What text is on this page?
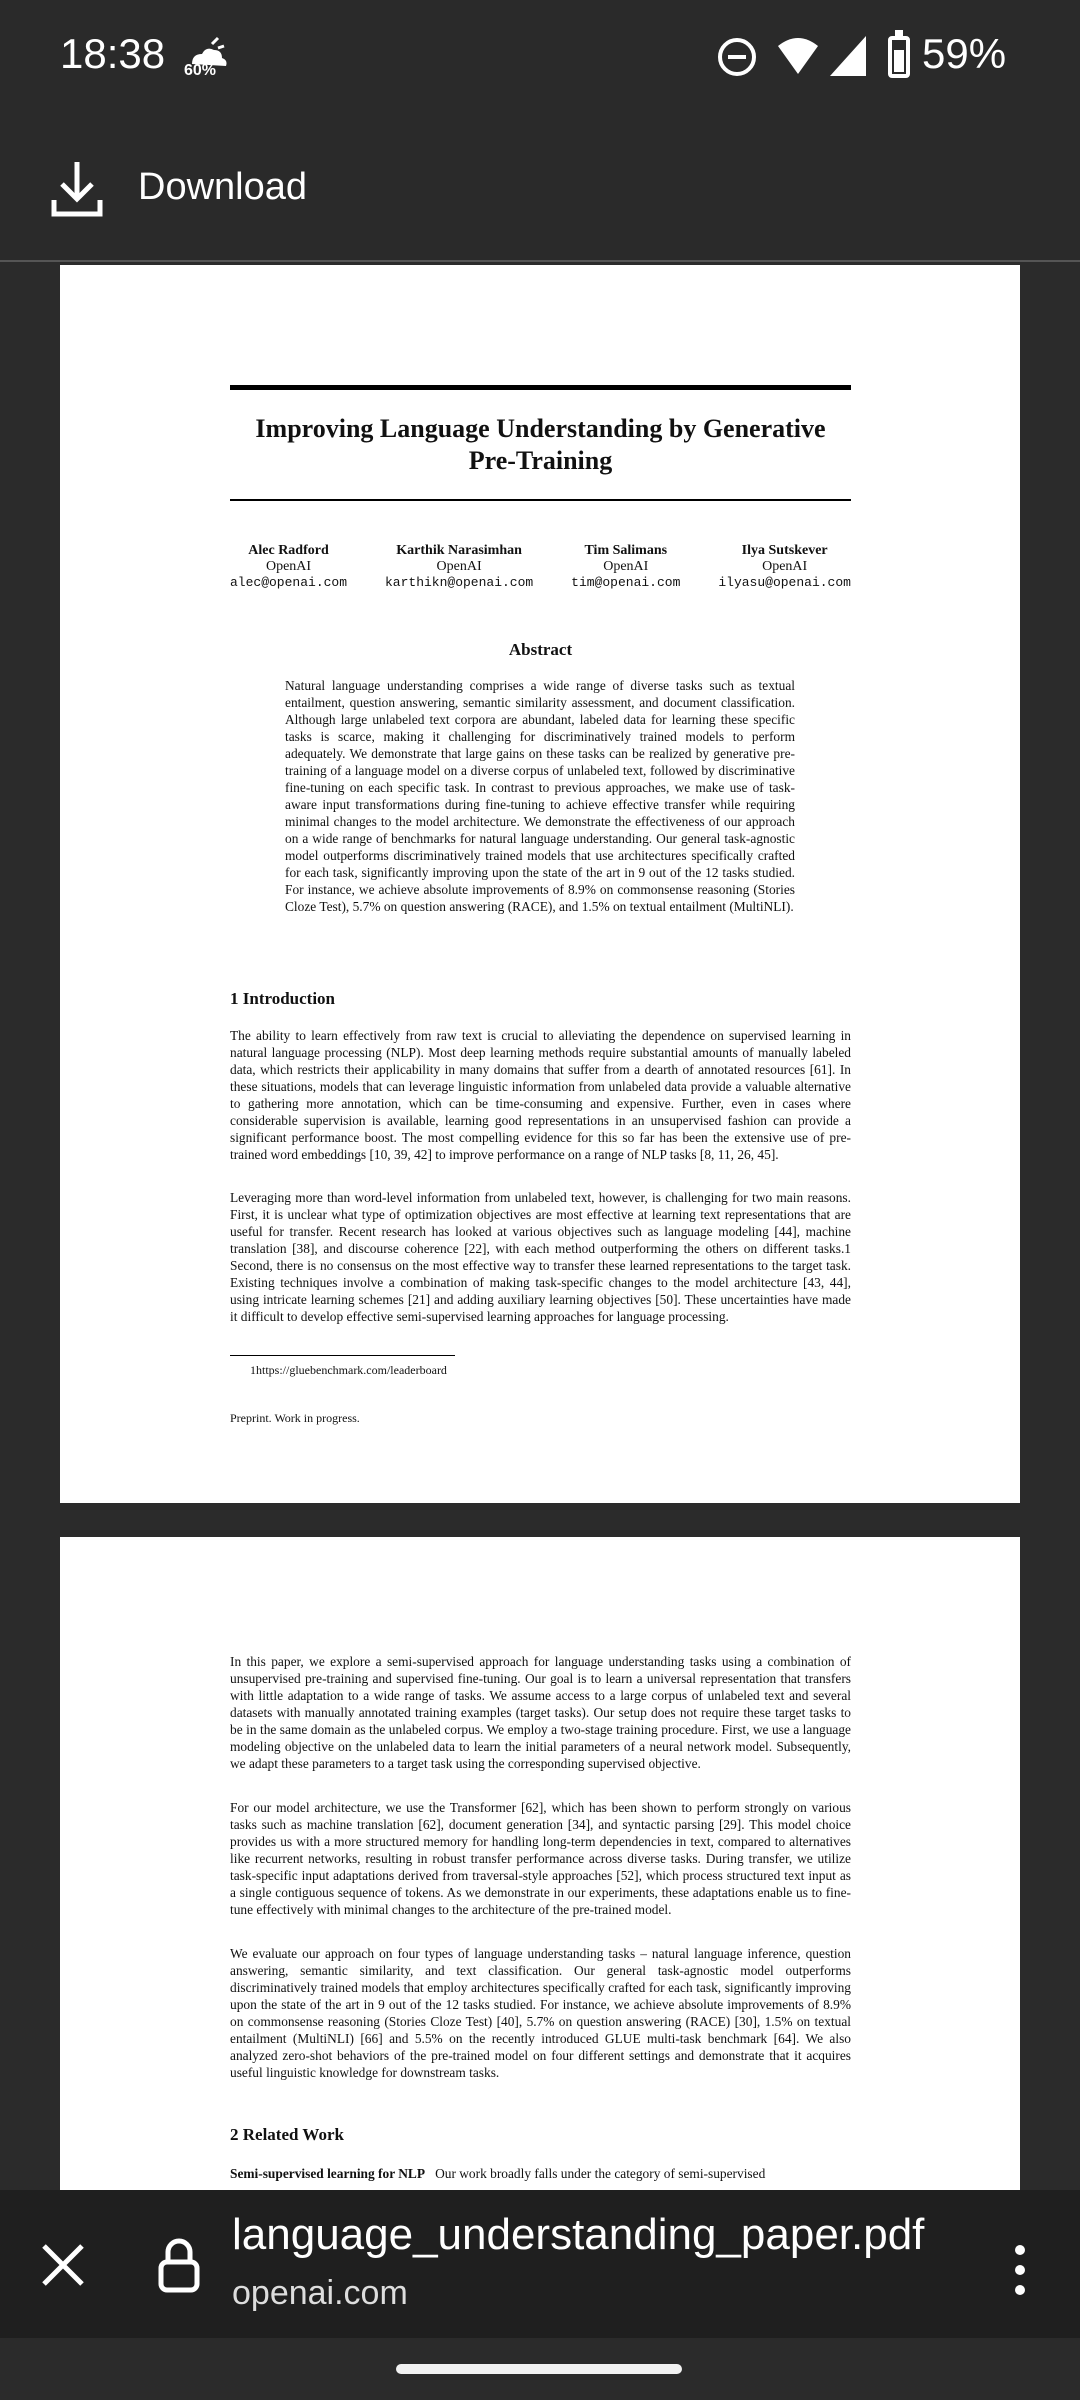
18:38 60%	59%
Download
Improving Language Understanding by Generative Pre-Training
Alec Radford
OpenAI
alec@openai.com
Karthik Narasimhan
OpenAI
karthikn@openai.com
Tim Salimans
OpenAI
tim@openai.com
Ilya Sutskever
OpenAI
ilyasu@openai.com
Abstract
Natural language understanding comprises a wide range of diverse tasks such as textual entailment, question answering, semantic similarity assessment, and document classification. Although large unlabeled text corpora are abundant, labeled data for learning these specific tasks is scarce, making it challenging for discriminatively trained models to perform adequately. We demonstrate that large gains on these tasks can be realized by generative pre-training of a language model on a diverse corpus of unlabeled text, followed by discriminative fine-tuning on each specific task. In contrast to previous approaches, we make use of task-aware input transformations during fine-tuning to achieve effective transfer while requiring minimal changes to the model architecture. We demonstrate the effectiveness of our approach on a wide range of benchmarks for natural language understanding. Our general task-agnostic model outperforms discriminatively trained models that use architectures specifically crafted for each task, significantly improving upon the state of the art in 9 out of the 12 tasks studied. For instance, we achieve absolute improvements of 8.9% on commonsense reasoning (Stories Cloze Test), 5.7% on question answering (RACE), and 1.5% on textual entailment (MultiNLI).
1 Introduction
The ability to learn effectively from raw text is crucial to alleviating the dependence on supervised learning in natural language processing (NLP). Most deep learning methods require substantial amounts of manually labeled data, which restricts their applicability in many domains that suffer from a dearth of annotated resources [61]. In these situations, models that can leverage linguistic information from unlabeled data provide a valuable alternative to gathering more annotation, which can be time-consuming and expensive. Further, even in cases where considerable supervision is available, learning good representations in an unsupervised fashion can provide a significant performance boost. The most compelling evidence for this so far has been the extensive use of pre-trained word embeddings [10, 39, 42] to improve performance on a range of NLP tasks [8, 11, 26, 45].
Leveraging more than word-level information from unlabeled text, however, is challenging for two main reasons. First, it is unclear what type of optimization objectives are most effective at learning text representations that are useful for transfer. Recent research has looked at various objectives such as language modeling [44], machine translation [38], and discourse coherence [22], with each method outperforming the others on different tasks.1 Second, there is no consensus on the most effective way to transfer these learned representations to the target task. Existing techniques involve a combination of making task-specific changes to the model architecture [43, 44], using intricate learning schemes [21] and adding auxiliary learning objectives [50]. These uncertainties have made it difficult to develop effective semi-supervised learning approaches for language processing.
1https://gluebenchmark.com/leaderboard
Preprint. Work in progress.
In this paper, we explore a semi-supervised approach for language understanding tasks using a combination of unsupervised pre-training and supervised fine-tuning. Our goal is to learn a universal representation that transfers with little adaptation to a wide range of tasks. We assume access to a large corpus of unlabeled text and several datasets with manually annotated training examples (target tasks). Our setup does not require these target tasks to be in the same domain as the unlabeled corpus. We employ a two-stage training procedure. First, we use a language modeling objective on the unlabeled data to learn the initial parameters of a neural network model. Subsequently, we adapt these parameters to a target task using the corresponding supervised objective.
For our model architecture, we use the Transformer [62], which has been shown to perform strongly on various tasks such as machine translation [62], document generation [34], and syntactic parsing [29]. This model choice provides us with a more structured memory for handling long-term dependencies in text, compared to alternatives like recurrent networks, resulting in robust transfer performance across diverse tasks. During transfer, we utilize task-specific input adaptations derived from traversal-style approaches [52], which process structured text input as a single contiguous sequence of tokens. As we demonstrate in our experiments, these adaptations enable us to fine-tune effectively with minimal changes to the architecture of the pre-trained model.
We evaluate our approach on four types of language understanding tasks – natural language inference, question answering, semantic similarity, and text classification. Our general task-agnostic model outperforms discriminatively trained models that employ architectures specifically crafted for each task, significantly improving upon the state of the art in 9 out of the 12 tasks studied. For instance, we achieve absolute improvements of 8.9% on commonsense reasoning (Stories Cloze Test) [40], 5.7% on question answering (RACE) [30], 1.5% on textual entailment (MultiNLI) [66] and 5.5% on the recently introduced GLUE multi-task benchmark [64]. We also analyzed zero-shot behaviors of the pre-trained model on four different settings and demonstrate that it acquires useful linguistic knowledge for downstream tasks.
2 Related Work
Semi-supervised learning for NLP Our work broadly falls under the category of semi-supervised
language_understanding_paper.pdf
openai.com
